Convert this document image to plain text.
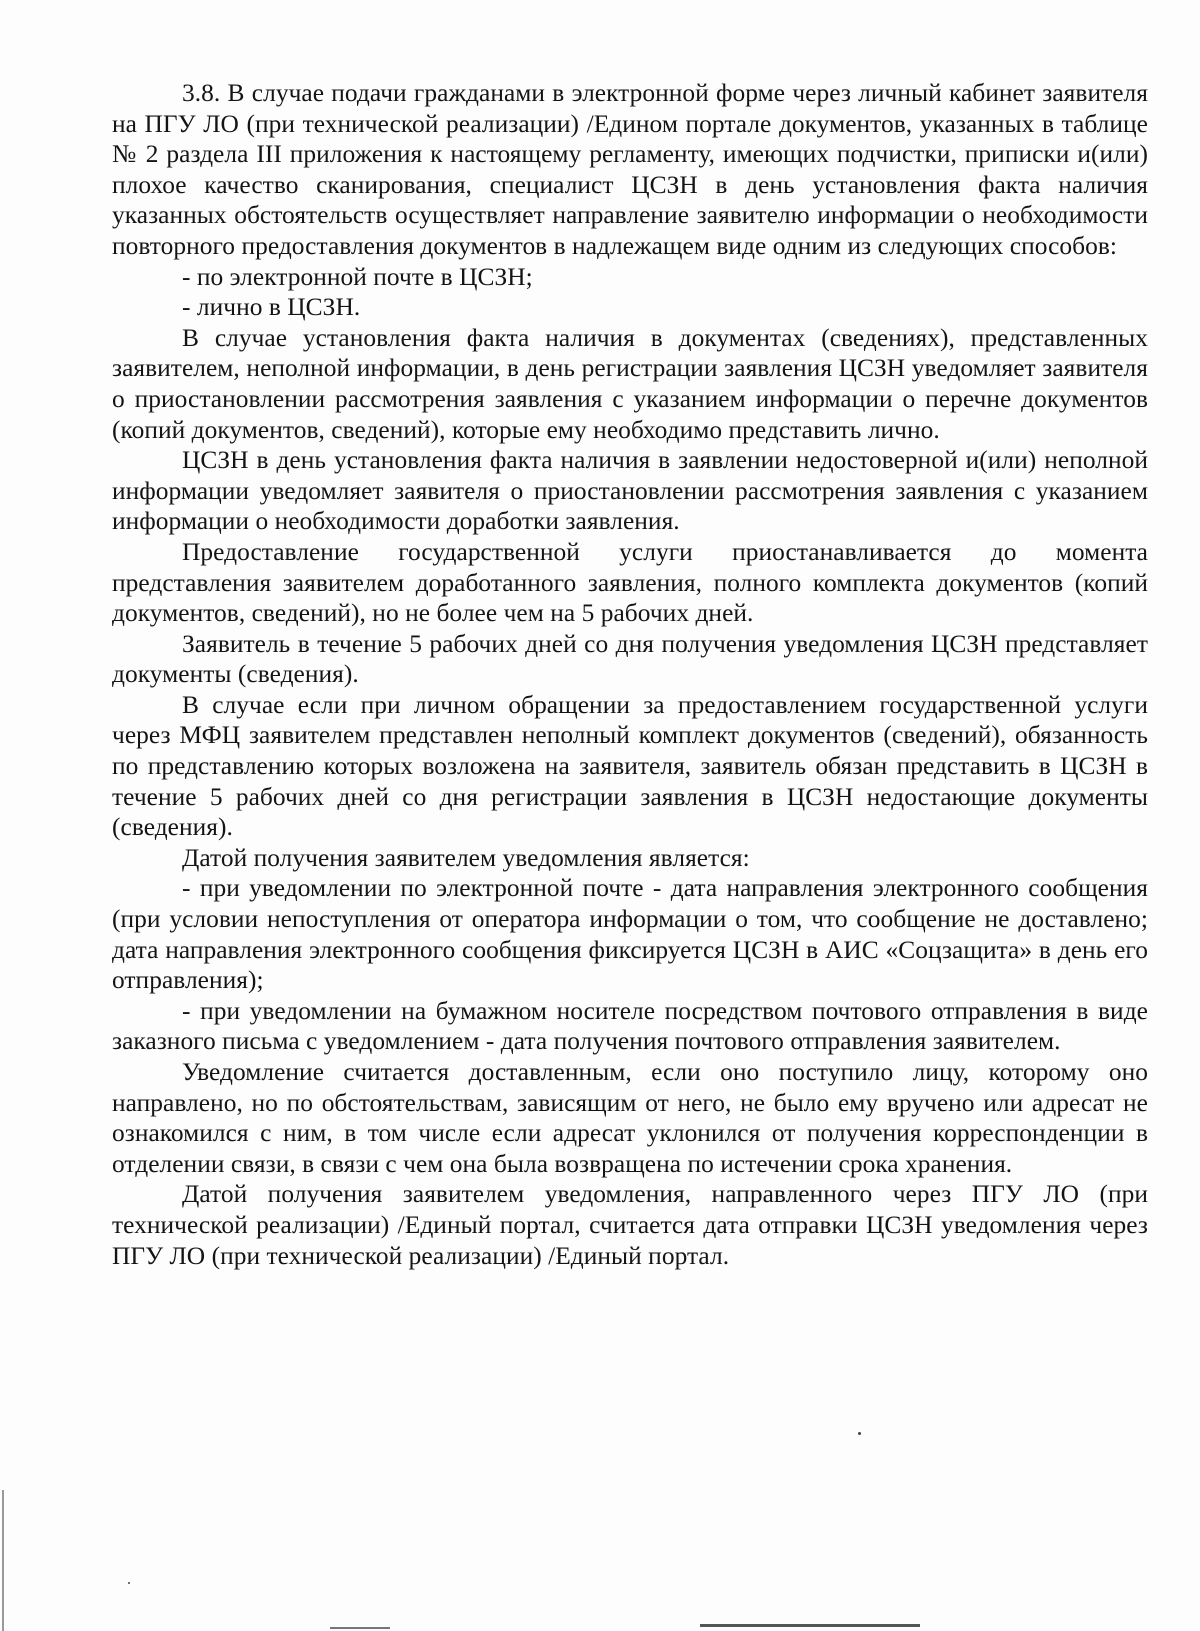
3.8. В случае подачи гражданами в электронной форме через личный кабинет заявителя на ПГУ ЛО (при технической реализации) /Едином портале документов, указанных в таблице № 2 раздела III приложения к настоящему регламенту, имеющих подчистки, приписки и(или) плохое качество сканирования, специалист ЦСЗН в день установления факта наличия указанных обстоятельств осуществляет направление заявителю информации о необходимости повторного предоставления документов в надлежащем виде одним из следующих способов:

- по электронной почте в ЦСЗН;

- лично в ЦСЗН.

В случае установления факта наличия в документах (сведениях), представленных заявителем, неполной информации, в день регистрации заявления ЦСЗН уведомляет заявителя о приостановлении рассмотрения заявления с указанием информации о перечне документов (копий документов, сведений), которые ему необходимо представить лично.

ЦСЗН в день установления факта наличия в заявлении недостоверной и(или) неполной информации уведомляет заявителя о приостановлении рассмотрения заявления с указанием информации о необходимости доработки заявления.

Предоставление государственной услуги приостанавливается до момента представления заявителем доработанного заявления, полного комплекта документов (копий документов, сведений), но не более чем на 5 рабочих дней.

Заявитель в течение 5 рабочих дней со дня получения уведомления ЦСЗН представляет документы (сведения).

В случае если при личном обращении за предоставлением государственной услуги через МФЦ заявителем представлен неполный комплект документов (сведений), обязанность по представлению которых возложена на заявителя, заявитель обязан представить в ЦСЗН в течение 5 рабочих дней со дня регистрации заявления в ЦСЗН недостающие документы (сведения).

Датой получения заявителем уведомления является:

- при уведомлении по электронной почте - дата направления электронного сообщения (при условии непоступления от оператора информации о том, что сообщение не доставлено; дата направления электронного сообщения фиксируется ЦСЗН в АИС «Соцзащита» в день его отправления);

- при уведомлении на бумажном носителе посредством почтового отправления в виде заказного письма с уведомлением - дата получения почтового отправления заявителем.

Уведомление считается доставленным, если оно поступило лицу, которому оно направлено, но по обстоятельствам, зависящим от него, не было ему вручено или адресат не ознакомился с ним, в том числе если адресат уклонился от получения корреспонденции в отделении связи, в связи с чем она была возвращена по истечении срока хранения.

Датой получения заявителем уведомления, направленного через ПГУ ЛО (при технической реализации) /Единый портал, считается дата отправки ЦСЗН уведомления через ПГУ ЛО (при технической реализации) /Единый портал.
